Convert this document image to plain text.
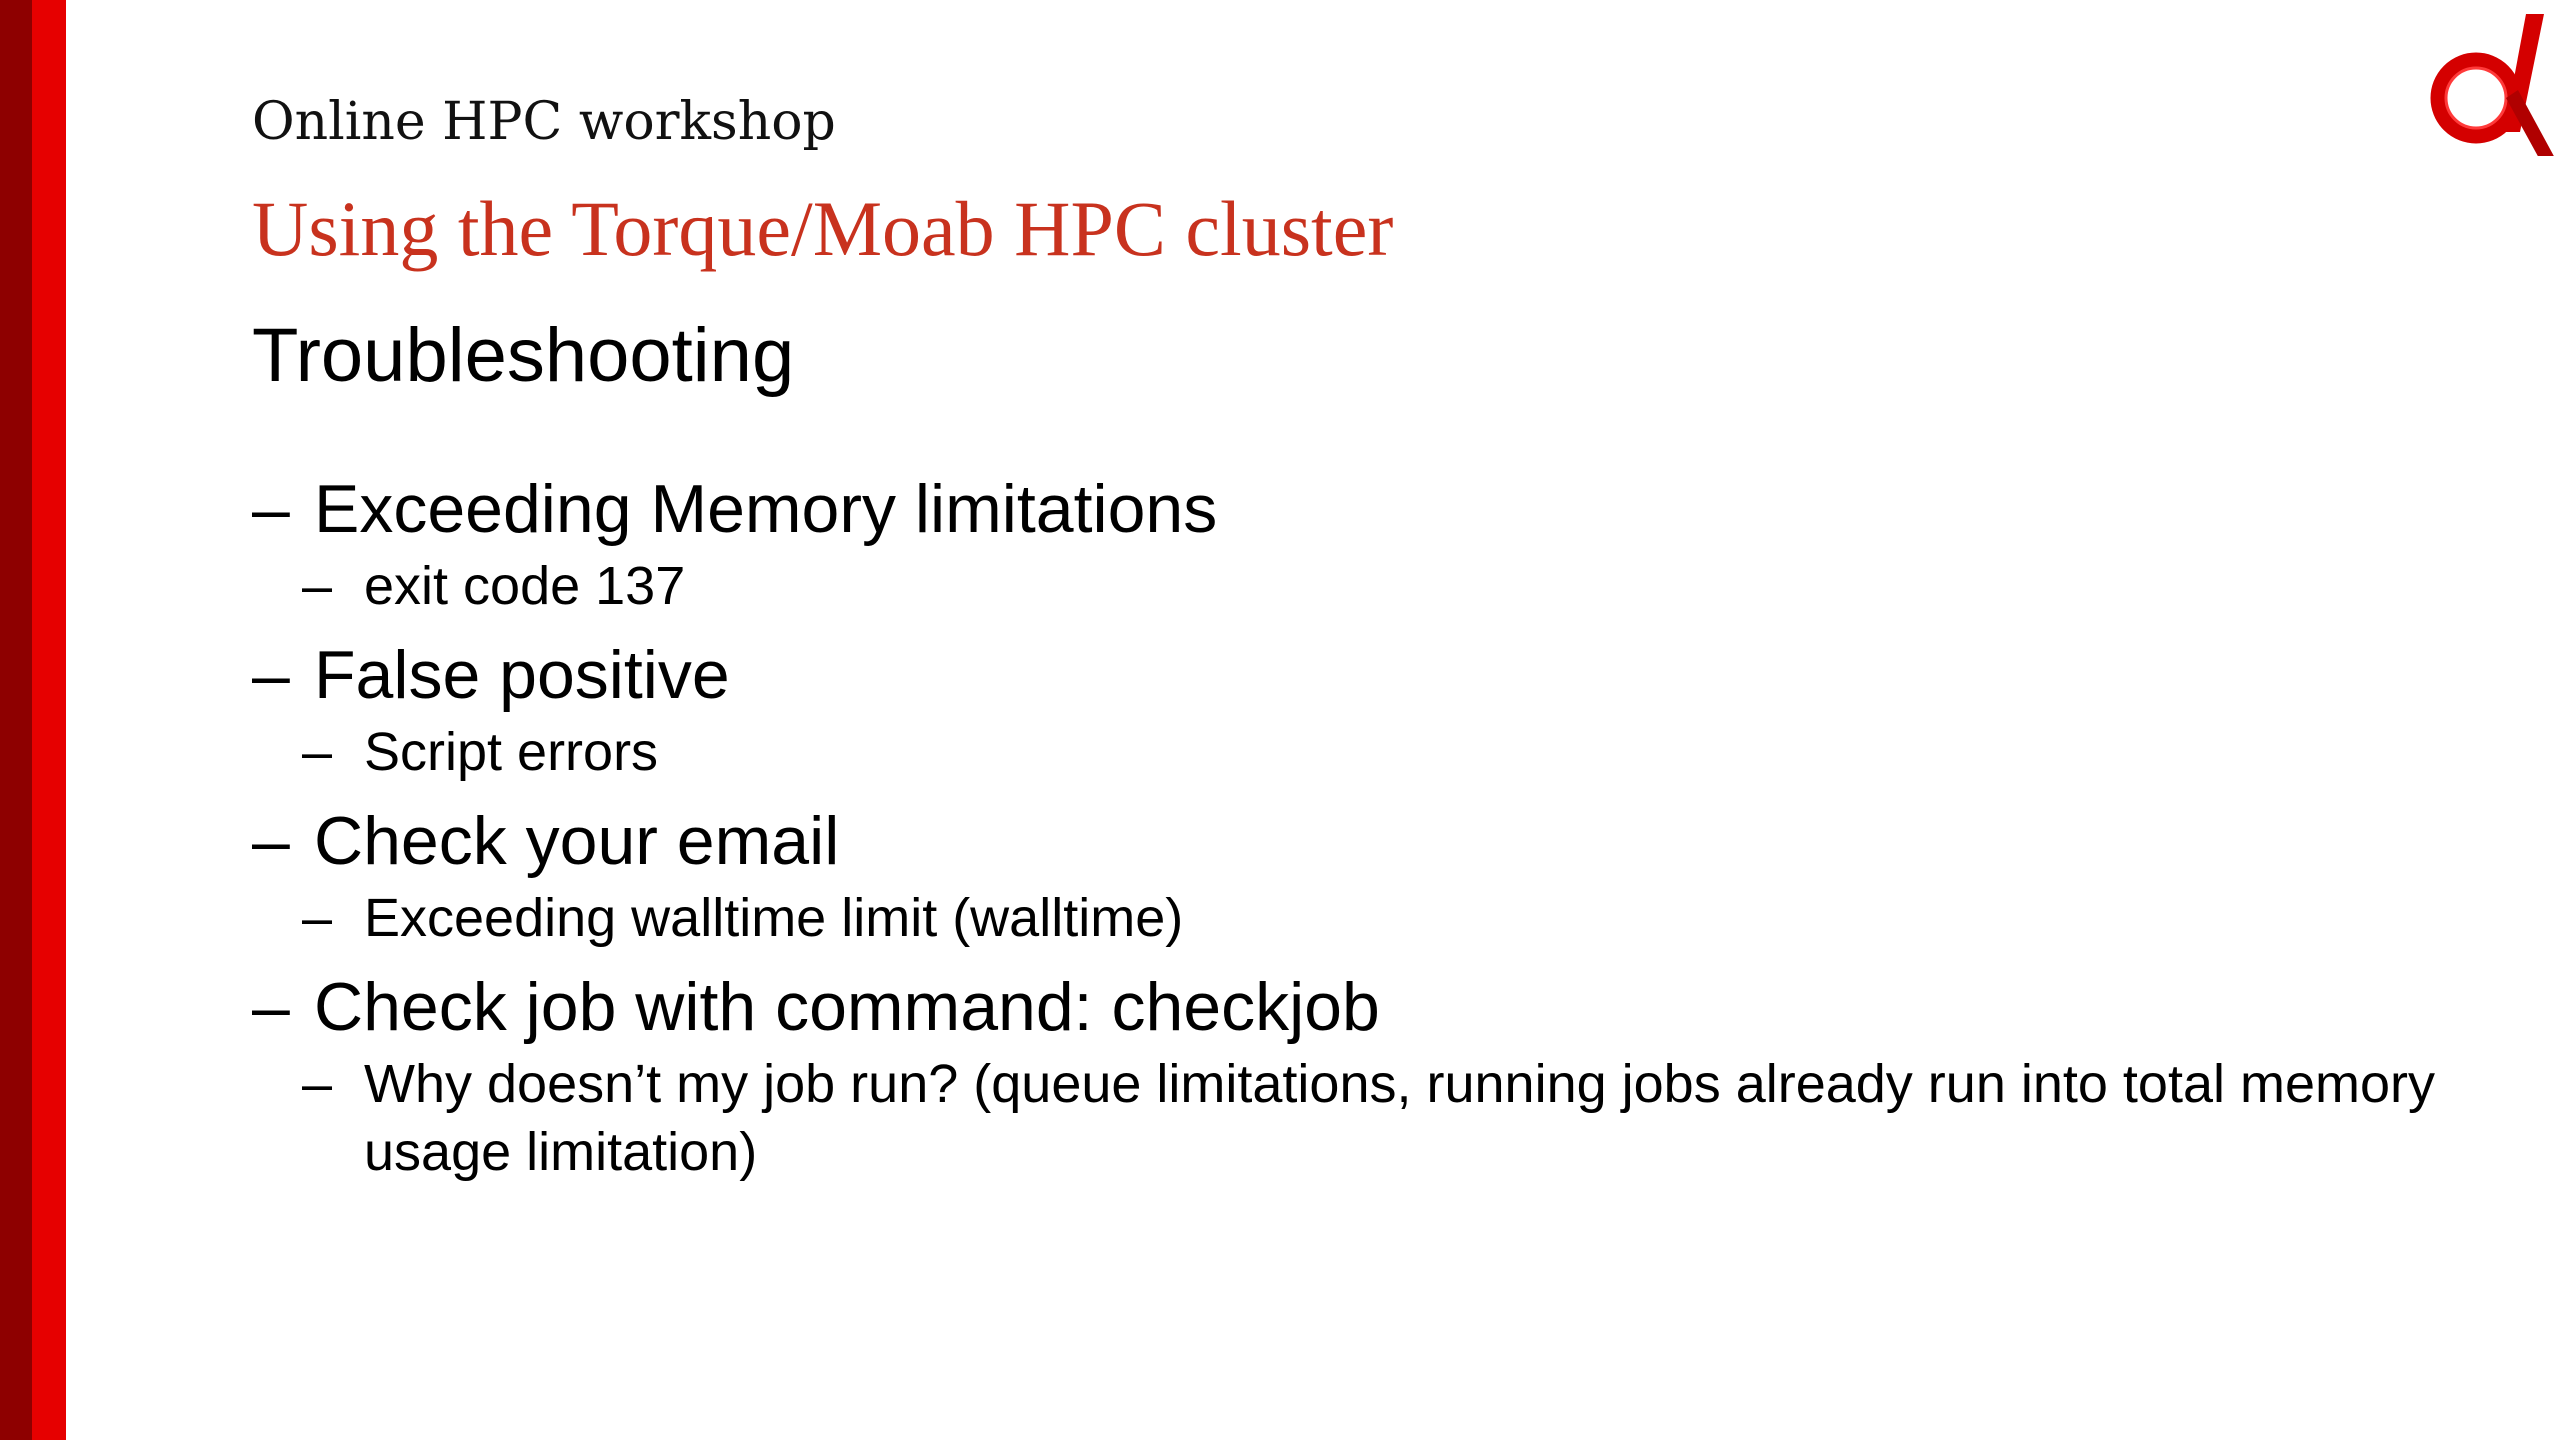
Online HPC workshop
Using the Torque/Moab HPC cluster
Troubleshooting
– Exceeding Memory limitations
– exit code 137
– False positive
– Script errors
– Check your email
– Exceeding walltime limit (walltime)
– Check job with command: checkjob
– Why doesn’t my job run? (queue limitations, running jobs already run into total memory usage limitation)
